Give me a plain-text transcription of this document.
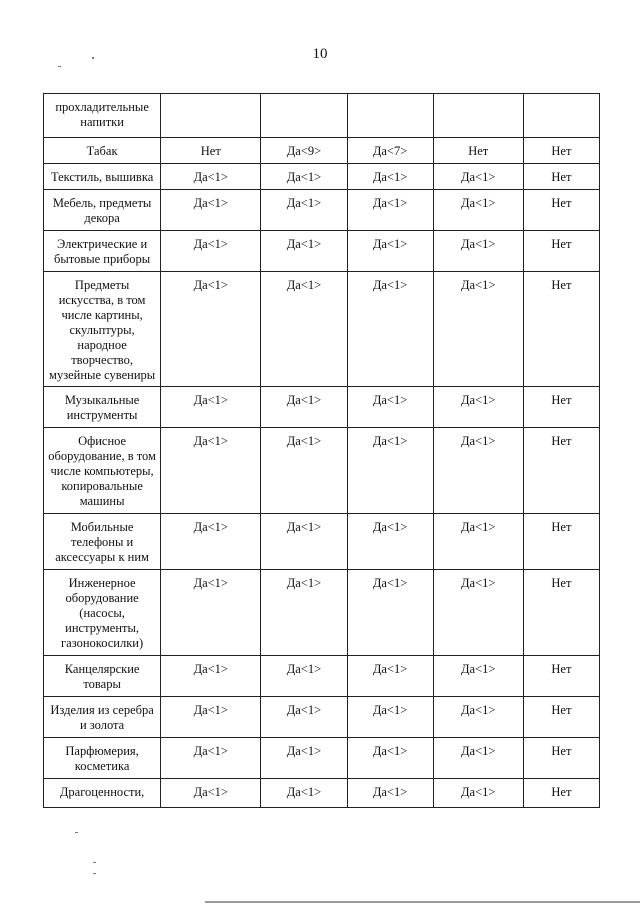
10
прохладительные напитки					
Табак	Нет	Да<9>	Да<7>	Нет	Нет
Текстиль, вышивка	Да<1>	Да<1>	Да<1>	Да<1>	Нет
Мебель, предметы декора	Да<1>	Да<1>	Да<1>	Да<1>	Нет
Электрические и бытовые приборы	Да<1>	Да<1>	Да<1>	Да<1>	Нет
Предметы искусства, в том числе картины, скульптуры, народное творчество, музейные сувениры	Да<1>	Да<1>	Да<1>	Да<1>	Нет
Музыкальные инструменты	Да<1>	Да<1>	Да<1>	Да<1>	Нет
Офисное оборудование, в том числе компьютеры, копировальные машины	Да<1>	Да<1>	Да<1>	Да<1>	Нет
Мобильные телефоны и аксессуары к ним	Да<1>	Да<1>	Да<1>	Да<1>	Нет
Инженерное оборудование (насосы, инструменты, газонокосилки)	Да<1>	Да<1>	Да<1>	Да<1>	Нет
Канцелярские товары	Да<1>	Да<1>	Да<1>	Да<1>	Нет
Изделия из серебра и золота	Да<1>	Да<1>	Да<1>	Да<1>	Нет
Парфюмерия, косметика	Да<1>	Да<1>	Да<1>	Да<1>	Нет
Драгоценности,	Да<1>	Да<1>	Да<1>	Да<1>	Нет
